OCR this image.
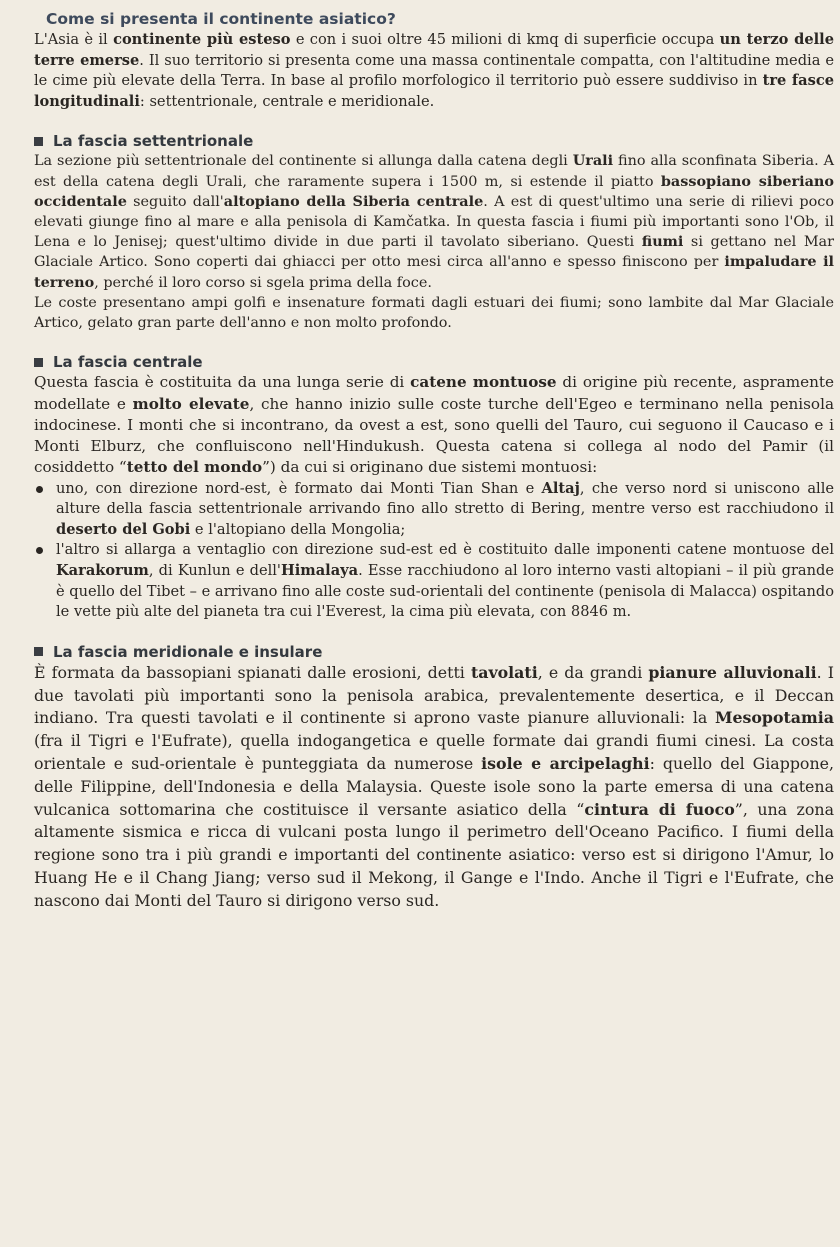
Come si presenta il continente asiatico?

L'Asia è il continente più esteso e con i suoi oltre 45 milioni di kmq di superficie occupa un terzo delle terre emerse. Il suo territorio si presenta come una massa continentale compatta, con l'altitudine media e le cime più elevate della Terra. In base al profilo morfologico il territorio può essere suddiviso in tre fasce longitudinali: settentrionale, centrale e meridionale.

La fascia settentrionale

La sezione più settentrionale del continente si allunga dalla catena degli Urali fino alla sconfinata Siberia. A est della catena degli Urali, che raramente supera i 1500 m, si estende il piatto bassopiano siberiano occidentale seguito dall'altopiano della Siberia centrale. A est di quest'ultimo una serie di rilievi poco elevati giunge fino al mare e alla penisola di Kamčatka. In questa fascia i fiumi più importanti sono l'Ob, il Lena e lo Jenisej; quest'ultimo divide in due parti il tavolato siberiano. Questi fiumi si gettano nel Mar Glaciale Artico. Sono coperti dai ghiacci per otto mesi circa all'anno e spesso finiscono per impaludare il terreno, perché il loro corso si sgela prima della foce.

Le coste presentano ampi golfi e insenature formati dagli estuari dei fiumi; sono lambite dal Mar Glaciale Artico, gelato gran parte dell'anno e non molto profondo.

La fascia centrale

Questa fascia è costituita da una lunga serie di catene montuose di origine più recente, aspramente modellate e molto elevate, che hanno inizio sulle coste turche dell'Egeo e terminano nella penisola indocinese. I monti che si incontrano, da ovest a est, sono quelli del Tauro, cui seguono il Caucaso e i Monti Elburz, che confluiscono nell'Hindukush. Questa catena si collega al nodo del Pamir (il cosiddetto “tetto del mondo”) da cui si originano due sistemi montuosi:

uno, con direzione nord-est, è formato dai Monti Tian Shan e Altaj, che verso nord si uniscono alle alture della fascia settentrionale arrivando fino allo stretto di Bering, mentre verso est racchiudono il deserto del Gobi e l'altopiano della Mongolia;
l'altro si allarga a ventaglio con direzione sud-est ed è costituito dalle imponenti catene montuose del Karakorum, di Kunlun e dell'Himalaya. Esse racchiudono al loro interno vasti altopiani – il più grande è quello del Tibet – e arrivano fino alle coste sud-orientali del continente (penisola di Malacca) ospitando le vette più alte del pianeta tra cui l'Everest, la cima più elevata, con 8846 m.
La fascia meridionale e insulare

È formata da bassopiani spianati dalle erosioni, detti tavolati, e da grandi pianure alluvionali. I due tavolati più importanti sono la penisola arabica, prevalentemente desertica, e il Deccan indiano. Tra questi tavolati e il continente si aprono vaste pianure alluvionali: la Mesopotamia (fra il Tigri e l'Eufrate), quella indogangetica e quelle formate dai grandi fiumi cinesi. La costa orientale e sud-orientale è punteggiata da numerose isole e arcipelaghi: quello del Giappone, delle Filippine, dell'Indonesia e della Malaysia. Queste isole sono la parte emersa di una catena vulcanica sottomarina che costituisce il versante asiatico della “cintura di fuoco”, una zona altamente sismica e ricca di vulcani posta lungo il perimetro dell'Oceano Pacifico. I fiumi della regione sono tra i più grandi e importanti del continente asiatico: verso est si dirigono l'Amur, lo Huang He e il Chang Jiang; verso sud il Mekong, il Gange e l'Indo. Anche il Tigri e l'Eufrate, che nascono dai Monti del Tauro si dirigono verso sud.
